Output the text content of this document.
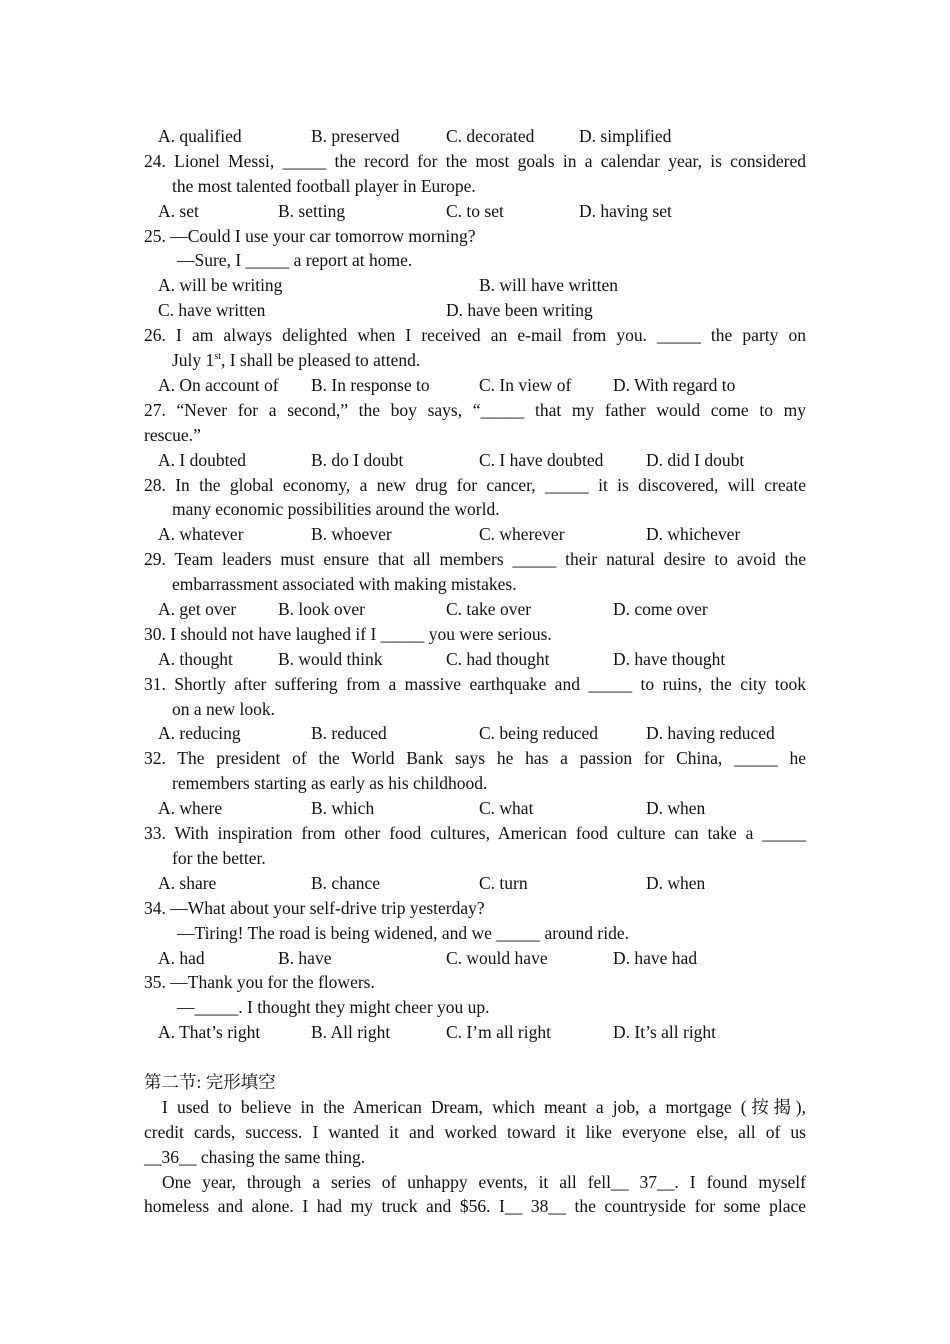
A. qualified	B. preserved	C. decorated	D. simplified
24. Lionel Messi, _____ the record for the most goals in a calendar year, is considered
the most talented football player in Europe.
A. set	B. setting	C. to set	D. having set
25. —Could I use your car tomorrow morning?
—Sure, I _____ a report at home.
A. will be writing	B. will have written
C. have written	D. have been writing
26. I am always delighted when I received an e-mail from you. _____ the party on
July 1st, I shall be pleased to attend.
A. On account of B. In response to	C. In view of D. With regard to
27. “Never for a second,” the boy says, “_____ that my father would come to my
rescue.”
A. I doubted	B. do I doubt	C. I have doubted D. did I doubt
28. In the global economy, a new drug for cancer, _____ it is discovered, will create
many economic possibilities around the world.
A. whatever	B. whoever	C. wherever	D. whichever
29. Team leaders must ensure that all members _____ their natural desire to avoid the
embarrassment associated with making mistakes.
A. get over B. look over	C. take over	D. come over
30. I should not have laughed if I _____ you were serious.
A. thought	B. would think	C. had thought	D. have thought
31. Shortly after suffering from a massive earthquake and _____ to ruins, the city took
on a new look.
A. reducing	B. reduced	C. being reduced	D. having reduced
32. The president of the World Bank says he has a passion for China, _____ he
remembers starting as early as his childhood.
A. where	B. which	C. what	D. when
33. With inspiration from other food cultures, American food culture can take a _____
for the better.
A. share	B. chance	C. turn	D. when
34. —What about your self-drive trip yesterday?
—Tiring! The road is being widened, and we _____ around ride.
A. had	B. have	C. would have	D. have had
35. —Thank you for the flowers.
—_____. I thought they might cheer you up.
A. That’s right	B. All right	C. I’m all right	D. It’s all right
第二节: 完形填空
I used to believe in the American Dream, which meant a job, a mortgage (按揭),
credit cards, success. I wanted it and worked toward it like everyone else, all of us
__36__ chasing the same thing.
One year, through a series of unhappy events, it all fell__ 37__. I found myself
homeless and alone. I had my truck and $56. I__ 38__ the countryside for some place
